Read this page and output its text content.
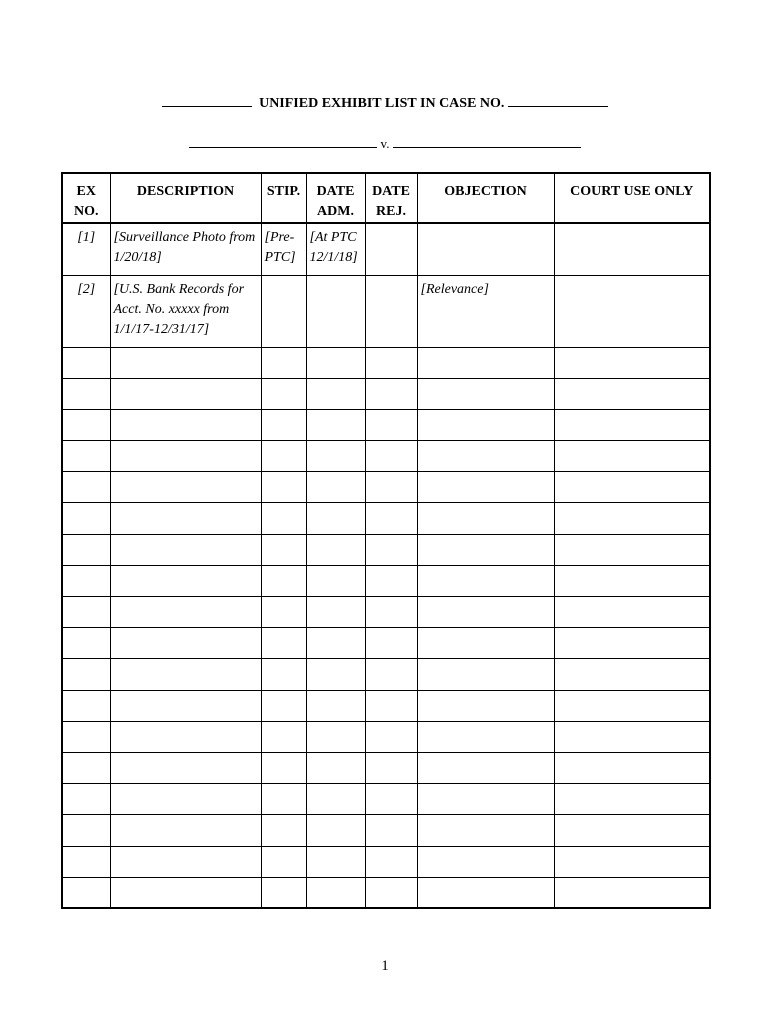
UNIFIED EXHIBIT LIST IN CASE NO.
v.
EX NO.	DESCRIPTION	STIP.	DATE ADM.	DATE REJ.	OBJECTION	COURT USE ONLY
[1]	[Surveillance Photo from 1/20/18]	[Pre-PTC]	[At PTC 12/1/18]			
[2]	[U.S. Bank Records for Acct. No. xxxxx from 1/1/17-12/31/17]				[Relevance]	

1
